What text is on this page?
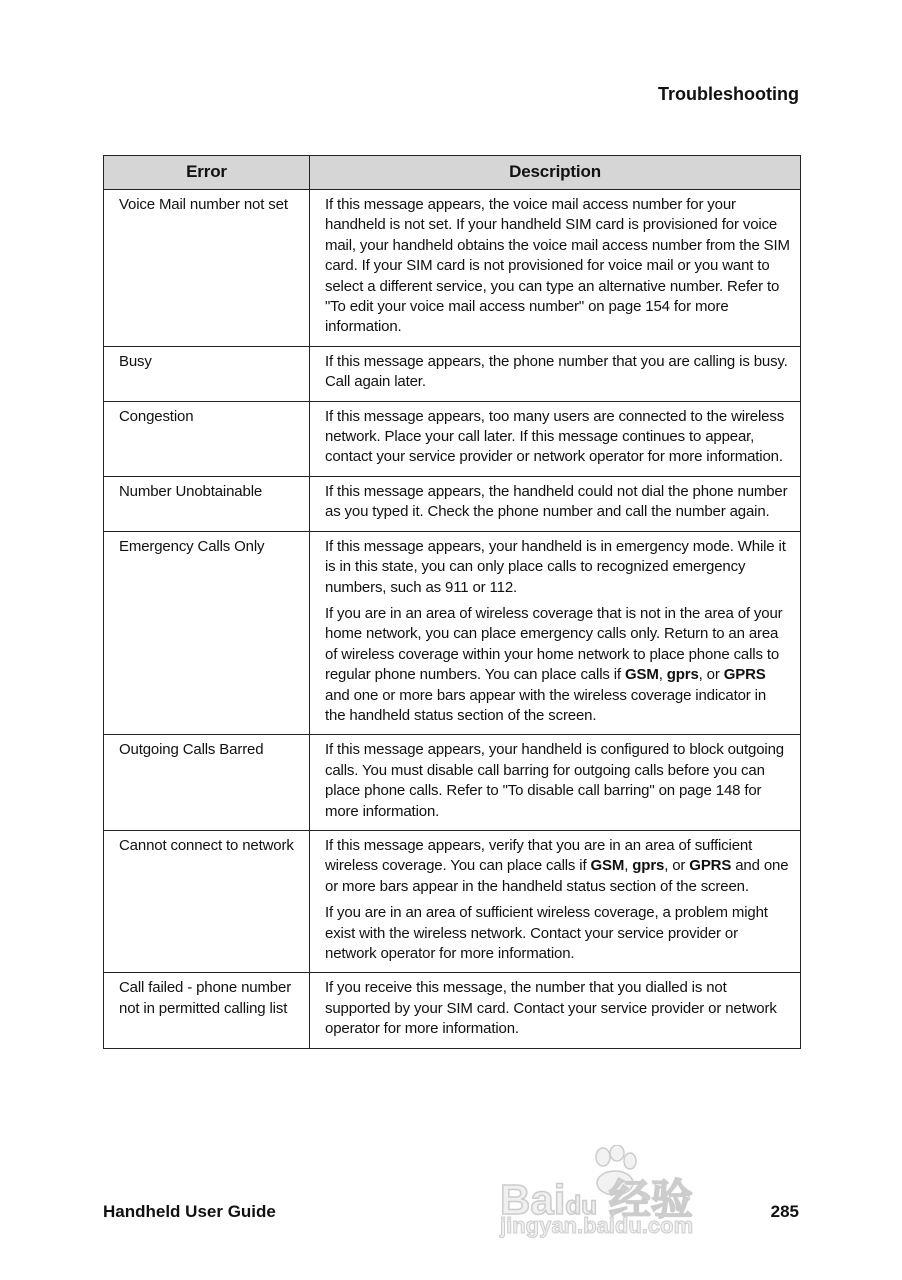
Troubleshooting
Error	Description
Voice Mail number not set	If this message appears, the voice mail access number for your handheld is not set. If your handheld SIM card is provisioned for voice mail, your handheld obtains the voice mail access number from the SIM card. If your SIM card is not provisioned for voice mail or you want to select a different service, you can type an alternative number. Refer to "To edit your voice mail access number" on page 154 for more information.

Busy	If this message appears, the phone number that you are calling is busy. Call again later.

Congestion	If this message appears, too many users are connected to the wireless network. Place your call later. If this message continues to appear, contact your service provider or network operator for more information.

Number Unobtainable	If this message appears, the handheld could not dial the phone number as you typed it. Check the phone number and call the number again.

Emergency Calls Only	If this message appears, your handheld is in emergency mode. While it is in this state, you can only place calls to recognized emergency numbers, such as 911 or 112.

If you are in an area of wireless coverage that is not in the area of your home network, you can place emergency calls only. Return to an area of wireless coverage within your home network to place phone calls to regular phone numbers. You can place calls if GSM, gprs, or GPRS and one or more bars appear with the wireless coverage indicator in the handheld status section of the screen.

Outgoing Calls Barred	If this message appears, your handheld is configured to block outgoing calls. You must disable call barring for outgoing calls before you can place phone calls. Refer to "To disable call barring" on page 148 for more information.

Cannot connect to network	If this message appears, verify that you are in an area of sufficient wireless coverage. You can place calls if GSM, gprs, or GPRS and one or more bars appear in the handheld status section of the screen.

If you are in an area of sufficient wireless coverage, a problem might exist with the wireless network. Contact your service provider or network operator for more information.

Call failed - phone number not in permitted calling list	If you receive this message, the number that you dialled is not supported by your SIM card. Contact your service provider or network operator for more information.

Handheld User Guide	285
Baidu 经验
jingyan.baidu.com
